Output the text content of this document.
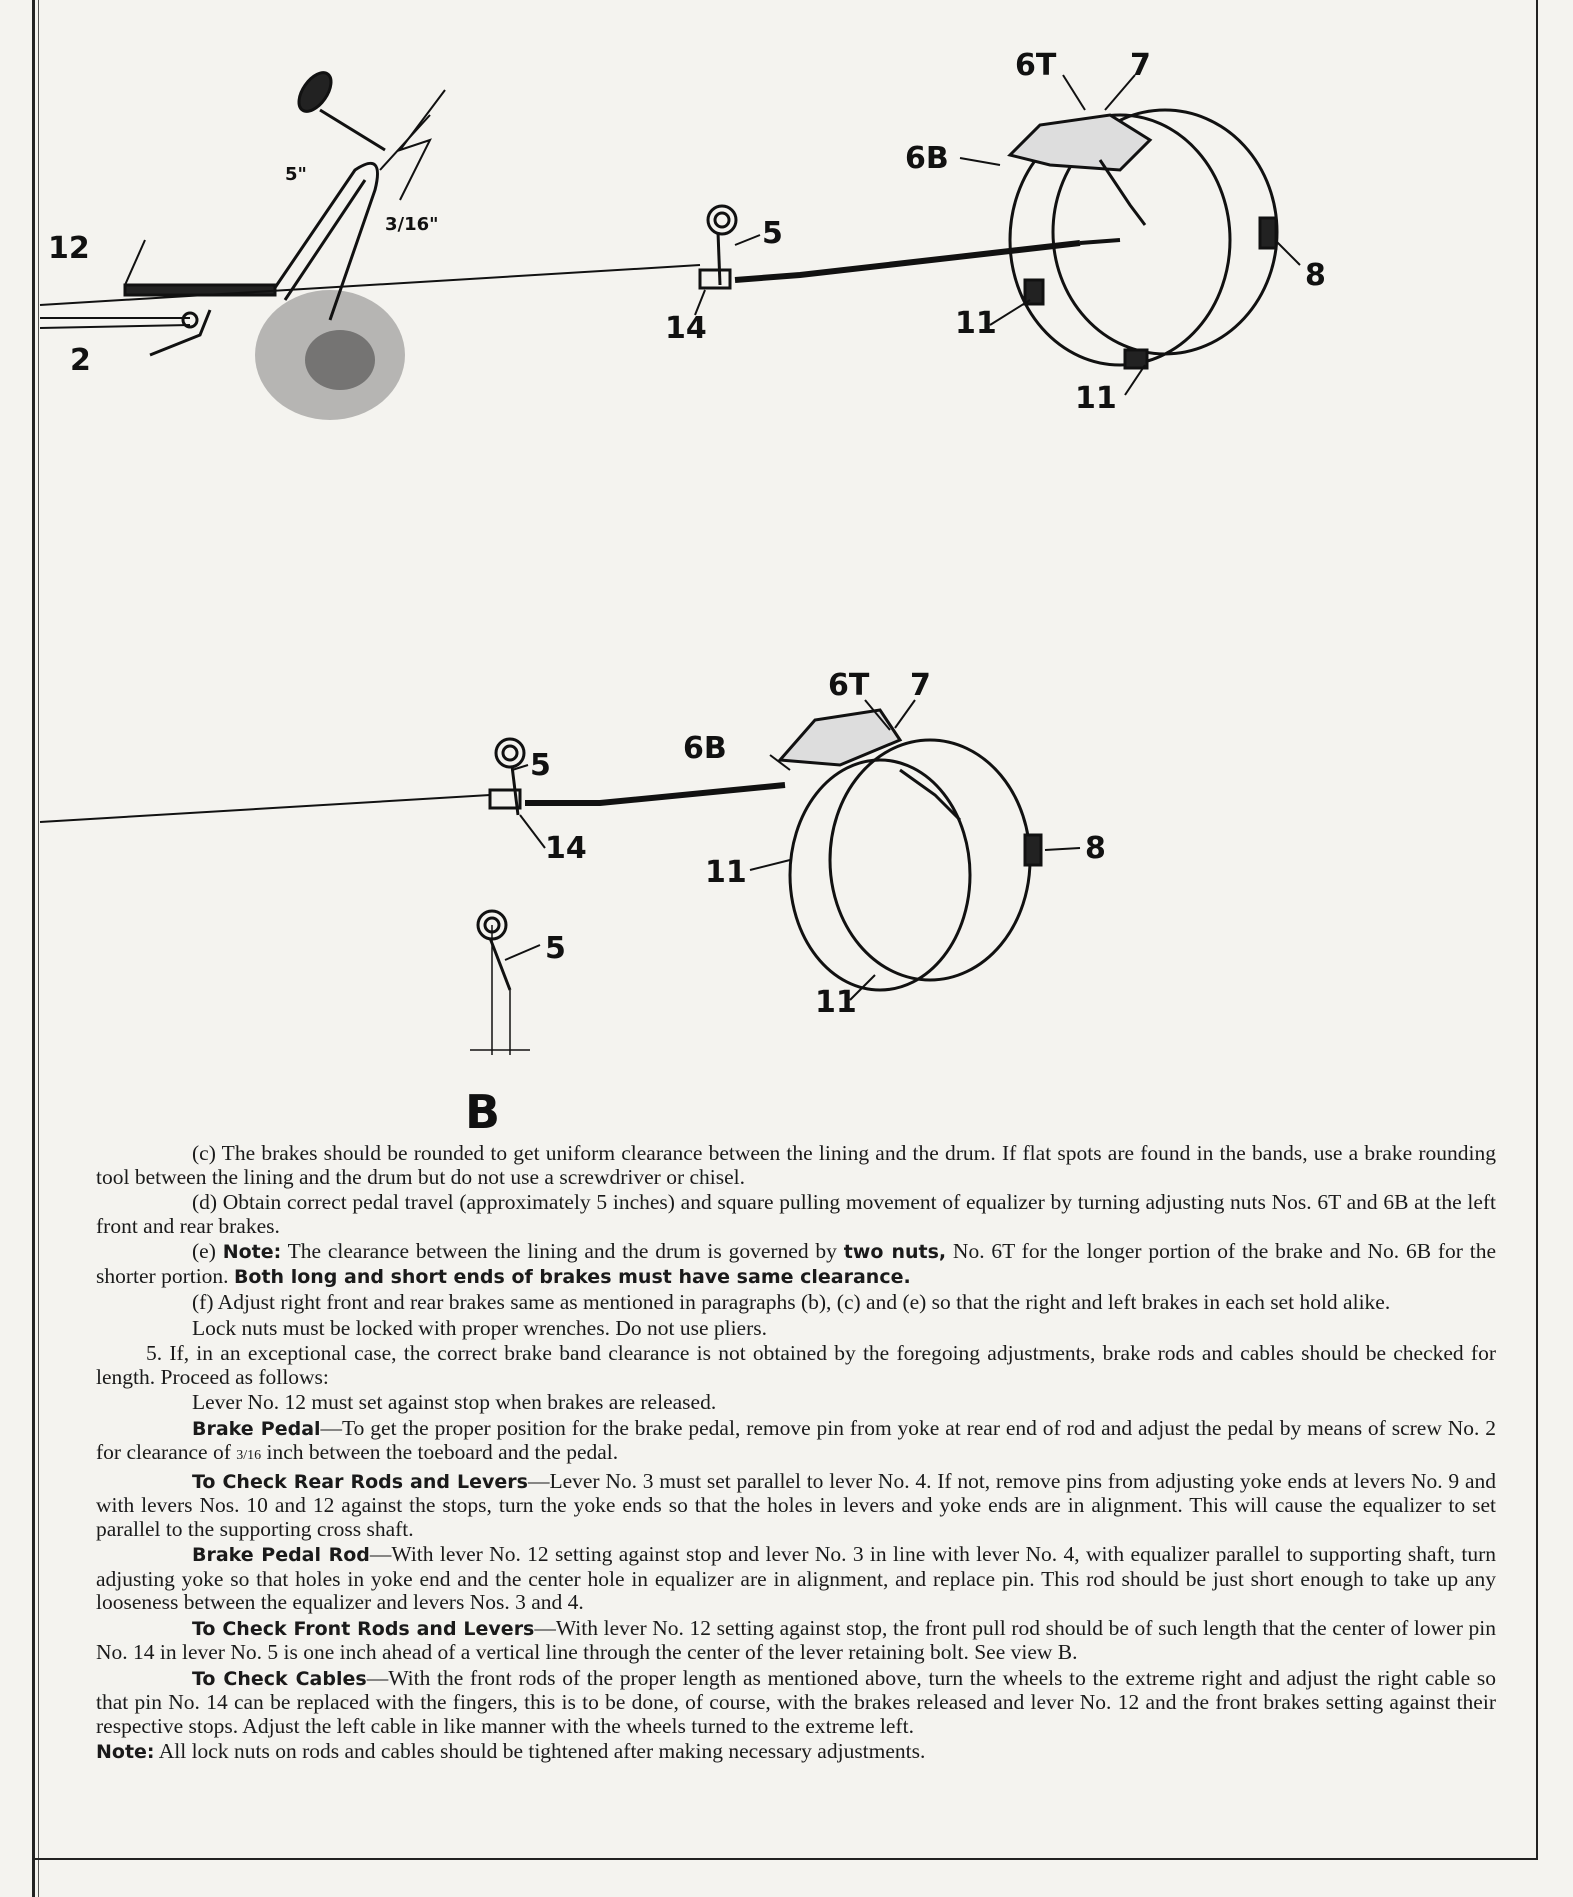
6T 7
6B
5
12
14
8
11
11
2
5"
3/16"
6T 7
6B
5
14	8
11
11
5
B

(c) The brakes should be rounded to get uniform clearance between the lining and the drum. If flat spots are found in the bands, use a brake rounding tool between the lining and the drum but do not use a screwdriver or chisel.

(d) Obtain correct pedal travel (approximately 5 inches) and square pulling movement of equalizer by turning adjusting nuts Nos. 6T and 6B at the left front and rear brakes.

(e) Note: The clearance between the lining and the drum is governed by two nuts, No. 6T for the longer portion of the brake and No. 6B for the shorter portion. Both long and short ends of brakes must have same clearance.

(f) Adjust right front and rear brakes same as mentioned in paragraphs (b), (c) and (e) so that the right and left brakes in each set hold alike.

Lock nuts must be locked with proper wrenches. Do not use pliers.

5. If, in an exceptional case, the correct brake band clearance is not obtained by the foregoing adjustments, brake rods and cables should be checked for length. Proceed as follows:

Lever No. 12 must set against stop when brakes are released.

Brake Pedal—To get the proper position for the brake pedal, remove pin from yoke at rear end of rod and adjust the pedal by means of screw No. 2 for clearance of 3/16 inch between the toeboard and the pedal.

To Check Rear Rods and Levers—Lever No. 3 must set parallel to lever No. 4. If not, remove pins from adjusting yoke ends at levers No. 9 and with levers Nos. 10 and 12 against the stops, turn the yoke ends so that the holes in levers and yoke ends are in alignment. This will cause the equalizer to set parallel to the supporting cross shaft.

Brake Pedal Rod—With lever No. 12 setting against stop and lever No. 3 in line with lever No. 4, with equalizer parallel to supporting shaft, turn adjusting yoke so that holes in yoke end and the center hole in equalizer are in alignment, and replace pin. This rod should be just short enough to take up any looseness between the equalizer and levers Nos. 3 and 4.

To Check Front Rods and Levers—With lever No. 12 setting against stop, the front pull rod should be of such length that the center of lower pin No. 14 in lever No. 5 is one inch ahead of a vertical line through the center of the lever retaining bolt. See view B.

To Check Cables—With the front rods of the proper length as mentioned above, turn the wheels to the extreme right and adjust the right cable so that pin No. 14 can be replaced with the fingers, this is to be done, of course, with the brakes released and lever No. 12 and the front brakes setting against their respective stops. Adjust the left cable in like manner with the wheels turned to the extreme left.

Note: All lock nuts on rods and cables should be tightened after making necessary adjustments.
